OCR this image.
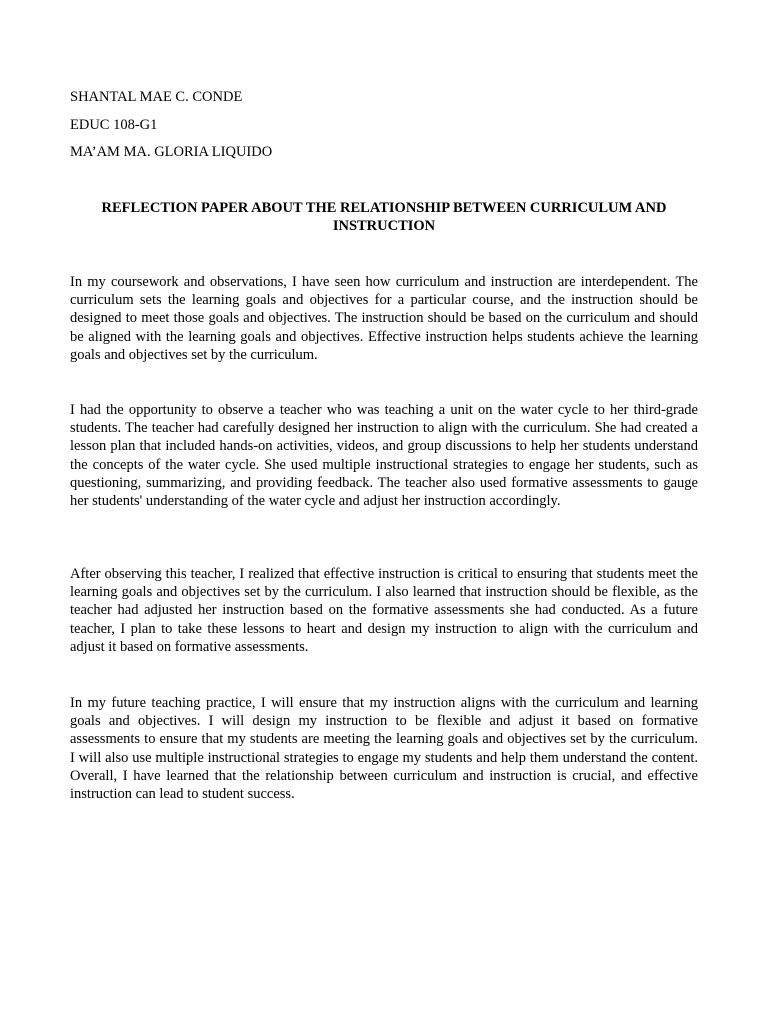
SHANTAL MAE C. CONDE
EDUC 108-G1
MA’AM MA. GLORIA LIQUIDO
REFLECTION PAPER ABOUT THE RELATIONSHIP BETWEEN CURRICULUM AND INSTRUCTION

In my coursework and observations, I have seen how curriculum and instruction are interdependent. The curriculum sets the learning goals and objectives for a particular course, and the instruction should be designed to meet those goals and objectives. The instruction should be based on the curriculum and should be aligned with the learning goals and objectives. Effective instruction helps students achieve the learning goals and objectives set by the curriculum.

I had the opportunity to observe a teacher who was teaching a unit on the water cycle to her third-grade students. The teacher had carefully designed her instruction to align with the curriculum. She had created a lesson plan that included hands-on activities, videos, and group discussions to help her students understand the concepts of the water cycle. She used multiple instructional strategies to engage her students, such as questioning, summarizing, and providing feedback. The teacher also used formative assessments to gauge her students' understanding of the water cycle and adjust her instruction accordingly.

After observing this teacher, I realized that effective instruction is critical to ensuring that students meet the learning goals and objectives set by the curriculum. I also learned that instruction should be flexible, as the teacher had adjusted her instruction based on the formative assessments she had conducted. As a future teacher, I plan to take these lessons to heart and design my instruction to align with the curriculum and adjust it based on formative assessments.

In my future teaching practice, I will ensure that my instruction aligns with the curriculum and learning goals and objectives. I will design my instruction to be flexible and adjust it based on formative assessments to ensure that my students are meeting the learning goals and objectives set by the curriculum. I will also use multiple instructional strategies to engage my students and help them understand the content. Overall, I have learned that the relationship between curriculum and instruction is crucial, and effective instruction can lead to student success.
